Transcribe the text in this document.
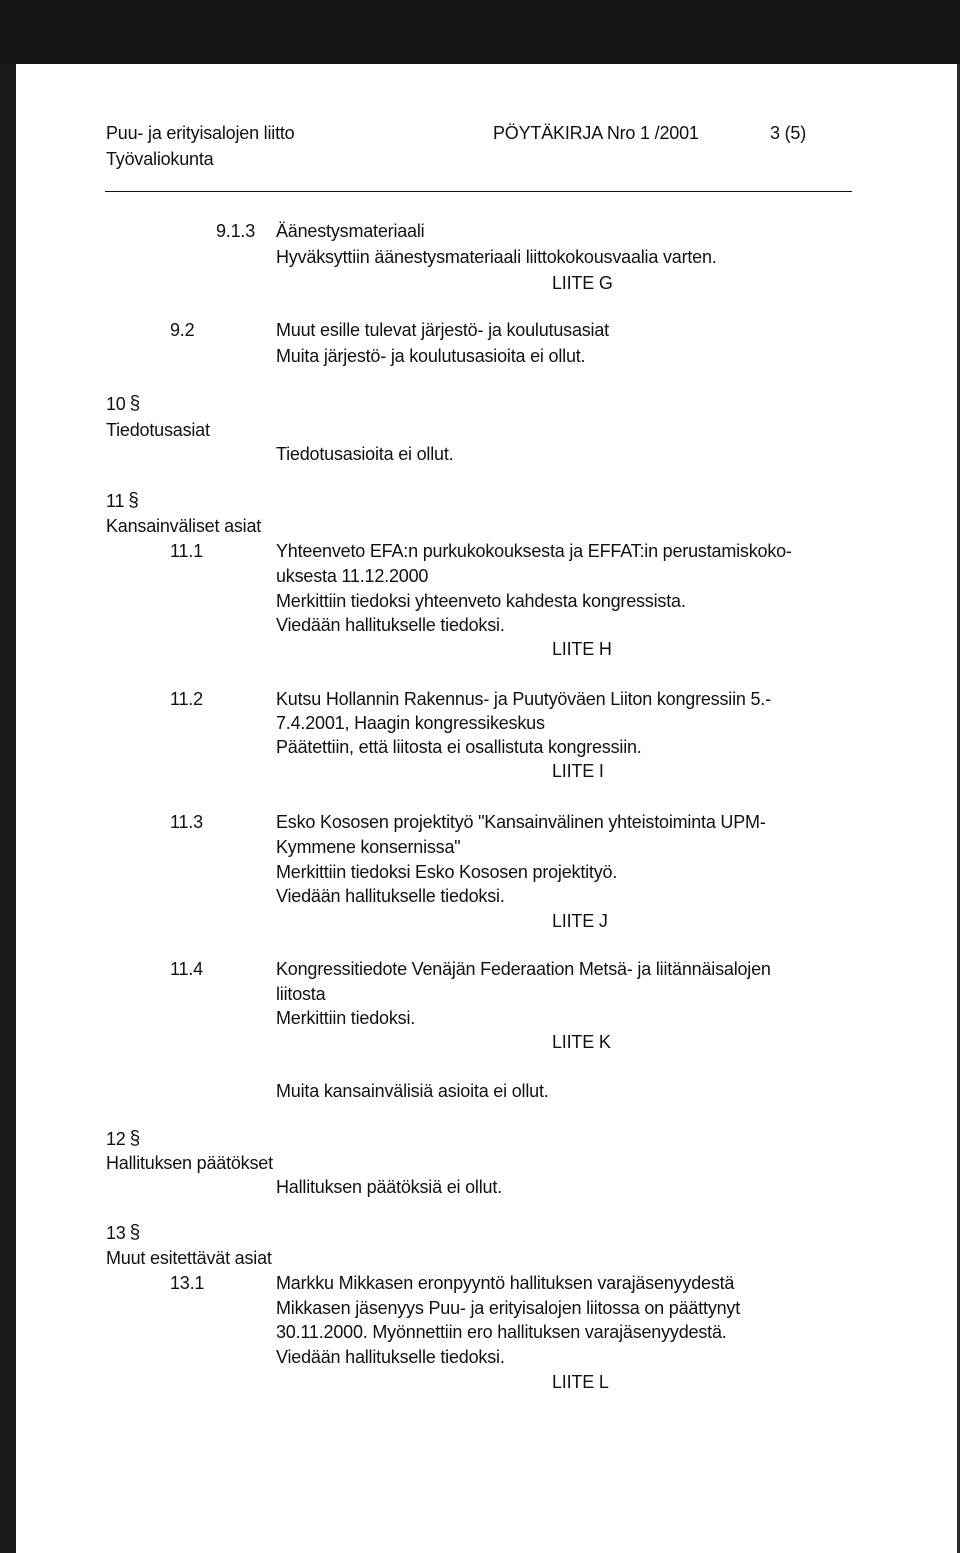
Puu- ja erityisalojen liitto
Työvaliokunta
PÖYTÄKIRJA Nro 1 /2001	3 (5)
9.1.3 Äänestysmateriaali
Hyväksyttiin äänestysmateriaali liittokokousvaalia varten.
LIITE G
9.2	Muut esille tulevat järjestö- ja koulutusasiat
Muita järjestö- ja koulutusasioita ei ollut.
10 §
Tiedotusasiat
Tiedotusasioita ei ollut.
11 §
Kansainväliset asiat
11.1	Yhteenveto EFA:n purkukokouksesta ja EFFAT:in perustamiskoko-
uksesta 11.12.2000
Merkittiin tiedoksi yhteenveto kahdesta kongressista.
Viedään hallitukselle tiedoksi.
LIITE H
11.2	Kutsu Hollannin Rakennus- ja Puutyöväen Liiton kongressiin 5.-
7.4.2001, Haagin kongressikeskus
Päätettiin, että liitosta ei osallistuta kongressiin.
LIITE I
11.3	Esko Kososen projektityö "Kansainvälinen yhteistoiminta UPM-
Kymmene konsernissa"
Merkittiin tiedoksi Esko Kososen projektityö.
Viedään hallitukselle tiedoksi.
LIITE J
11.4	Kongressitiedote Venäjän Federaation Metsä- ja liitännäisalojen
liitosta
Merkittiin tiedoksi.
LIITE K
Muita kansainvälisiä asioita ei ollut.
12 §
Hallituksen päätökset
Hallituksen päätöksiä ei ollut.
13 §
Muut esitettävät asiat
13.1	Markku Mikkasen eronpyyntö hallituksen varajäsenyydestä
Mikkasen jäsenyys Puu- ja erityisalojen liitossa on päättynyt
30.11.2000. Myönnettiin ero hallituksen varajäsenyydestä.
Viedään hallitukselle tiedoksi.
LIITE L
